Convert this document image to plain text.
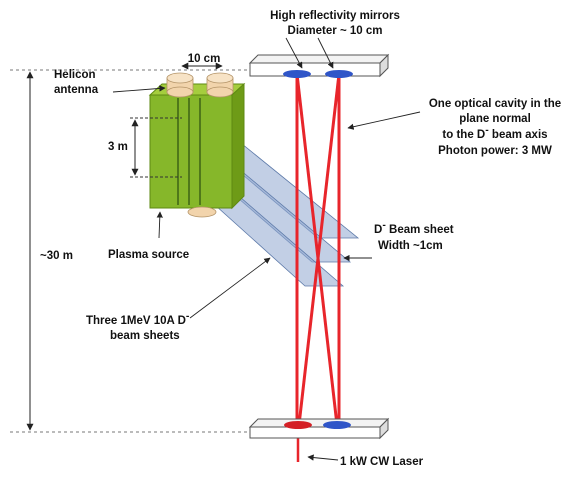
High reflectivity mirrors
Diameter ~ 10 cm
10 cm
Helicon
antenna
3 m
One optical cavity in the
plane normal
to the D- beam axis
Photon power: 3 MW
D- Beam sheet
Width ~1cm
~30 m	Plasma source
Three 1MeV 10A D-
beam sheets
1 kW CW Laser
